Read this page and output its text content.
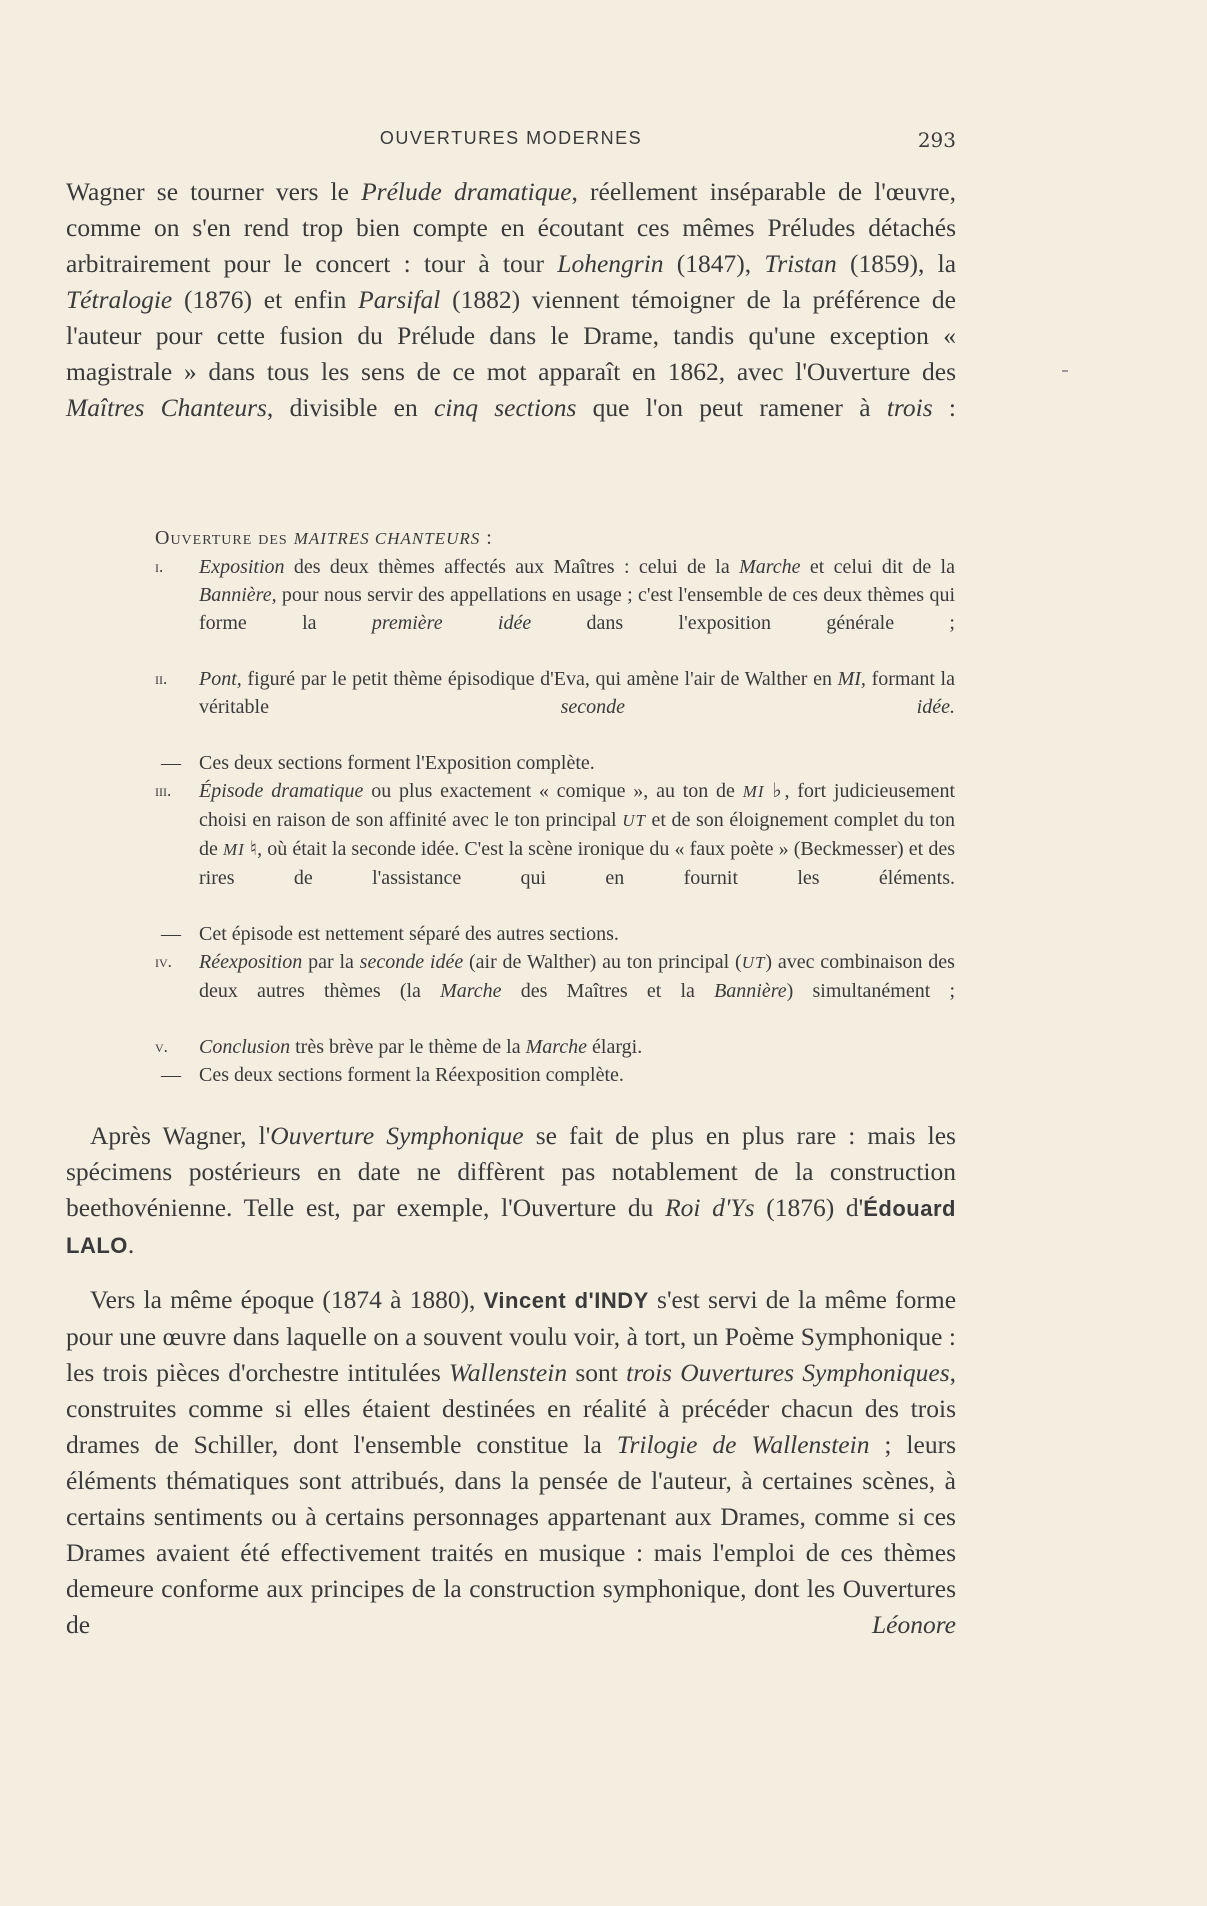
OUVERTURES MODERNES	293

Wagner se tourner vers le Prélude dramatique, réellement inséparable de l'œuvre, comme on s'en rend trop bien compte en écoutant ces mêmes Préludes détachés arbitrairement pour le concert : tour à tour Lohengrin (1847), Tristan (1859), la Tétralogie (1876) et enfin Parsifal (1882) viennent témoigner de la préférence de l'auteur pour cette fusion du Prélude dans le Drame, tandis qu'une exception « magistrale » dans tous les sens de ce mot apparaît en 1862, avec l'Ouverture des Maîtres Chanteurs, divisible en cinq sections que l'on peut ramener à trois :

Ouverture des MAITRES CHANTEURS :
i. Exposition des deux thèmes affectés aux Maîtres : celui de la Marche et celui dit de la Bannière, pour nous servir des appellations en usage ; c'est l'ensemble de ces deux thèmes qui forme la première idée dans l'exposition générale ;

ii. Pont, figuré par le petit thème épisodique d'Eva, qui amène l'air de Walther en MI, formant la véritable seconde idée.

— Ces deux sections forment l'Exposition complète.
iii. Épisode dramatique ou plus exactement « comique », au ton de MI ♭, fort judicieusement choisi en raison de son affinité avec le ton principal UT et de son éloignement complet du ton de MI ♮, où était la seconde idée. C'est la scène ironique du « faux poète » (Beckmesser) et des rires de l'assistance qui en fournit les éléments.

— Cet épisode est nettement séparé des autres sections.
iv. Réexposition par la seconde idée (air de Walther) au ton principal (UT) avec combinaison des deux autres thèmes (la Marche des Maîtres et la Bannière) simultanément ;

v. Conclusion très brève par le thème de la Marche élargi.

— Ces deux sections forment la Réexposition complète.

Après Wagner, l'Ouverture Symphonique se fait de plus en plus rare : mais les spécimens postérieurs en date ne diffèrent pas notablement de la construction beethovénienne. Telle est, par exemple, l'Ouverture du Roi d'Ys (1876) d'Édouard LALO.

Vers la même époque (1874 à 1880), Vincent d'INDY s'est servi de la même forme pour une œuvre dans laquelle on a souvent voulu voir, à tort, un Poème Symphonique : les trois pièces d'orchestre intitulées Wallenstein sont trois Ouvertures Symphoniques, construites comme si elles étaient destinées en réalité à précéder chacun des trois drames de Schiller, dont l'ensemble constitue la Trilogie de Wallenstein ; leurs éléments thématiques sont attribués, dans la pensée de l'auteur, à certaines scènes, à certains sentiments ou à certains personnages appartenant aux Drames, comme si ces Drames avaient été effectivement traités en musique : mais l'emploi de ces thèmes demeure conforme aux principes de la construction symphonique, dont les Ouvertures de Léonore
